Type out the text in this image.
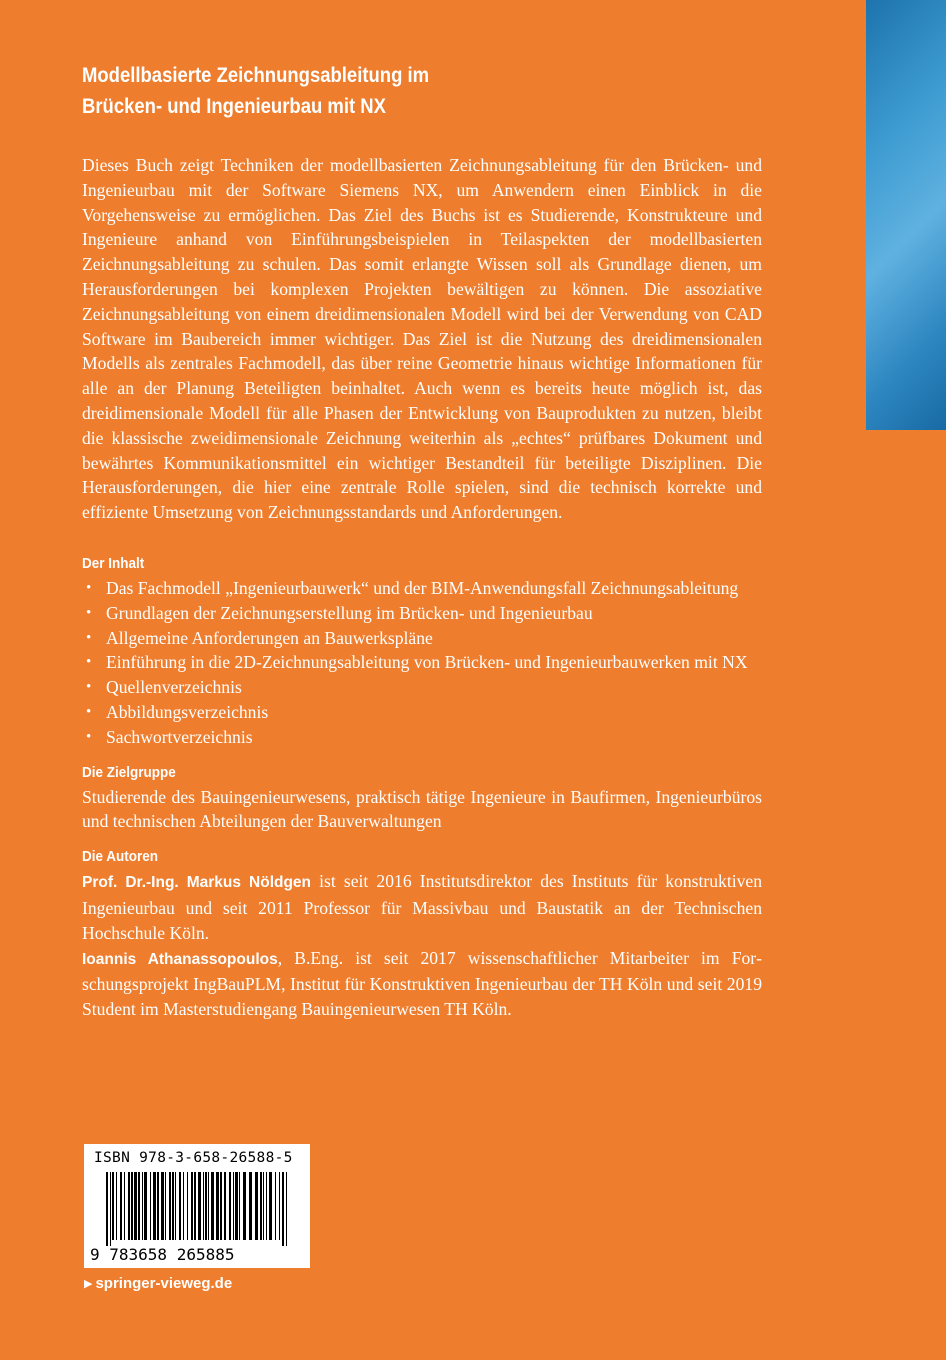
Modellbasierte Zeichnungsableitung im
Brücken- und Ingenieurbau mit NX

Dieses Buch zeigt Techniken der modellbasierten Zeichnungsableitung für den Brücken- und Ingenieurbau mit der Software Siemens NX, um Anwendern einen Einblick in die Vorgehensweise zu ermöglichen. Das Ziel des Buchs ist es Studierende, Konstrukteure und Ingenieure anhand von Einführungsbeispielen in Teilaspekten der modellbasierten Zeichnungsableitung zu schulen. Das somit erlangte Wissen soll als Grundlage dienen, um Herausforderungen bei komplexen Projekten bewältigen zu können. Die assoziative Zeichnungsableitung von einem dreidimensionalen Modell wird bei der Verwendung von CAD Software im Baubereich immer wichtiger. Das Ziel ist die Nutzung des dreidimensionalen Modells als zentrales Fachmodell, das über reine Geometrie hinaus wichtige Informationen für alle an der Planung Beteiligten beinhaltet. Auch wenn es bereits heute möglich ist, das dreidimensionale Modell für alle Phasen der Entwicklung von Bauprodukten zu nutzen, bleibt die klassische zweidimensionale Zeichnung weiterhin als „echtes“ prüfbares Dokument und bewährtes Kommunikationsmittel ein wichtiger Bestandteil für beteiligte Disziplinen. Die Herausforderungen, die hier eine zentrale Rolle spielen, sind die technisch korrekte und effiziente Umsetzung von Zeichnungsstandards und Anforderungen.

Der Inhalt
• Das Fachmodell „Ingenieurbauwerk“ und der BIM-Anwendungsfall Zeichnungsableitung
• Grundlagen der Zeichnungserstellung im Brücken- und Ingenieurbau
• Allgemeine Anforderungen an Bauwerkspläne
• Einführung in die 2D-Zeichnungsableitung von Brücken- und Ingenieurbauwerken mit NX
• Quellenverzeichnis
• Abbildungsverzeichnis
• Sachwortverzeichnis
Die Zielgruppe

Studierende des Bauingenieurwesens, praktisch tätige Ingenieure in Baufirmen, Ingenieurbüros und technischen Abteilungen der Bauverwaltungen

Die Autoren

Prof. Dr.-Ing. Markus Nöldgen ist seit 2016 Institutsdirektor des Instituts für konstruktiven Ingenieurbau und seit 2011 Professor für Massivbau und Baustatik an der Technischen Hochschule Köln.

Ioannis Athanassopoulos, B.Eng. ist seit 2017 wissenschaftlicher Mitarbeiter im Forschungsprojekt IngBauPLM, Institut für Konstruktiven Ingenieurbau der TH Köln und seit 2019 Student im Masterstudiengang Bauingenieurwesen TH Köln.

ISBN 978-3-658-26588-5
9 783658 265885
▶ springer-vieweg.de
